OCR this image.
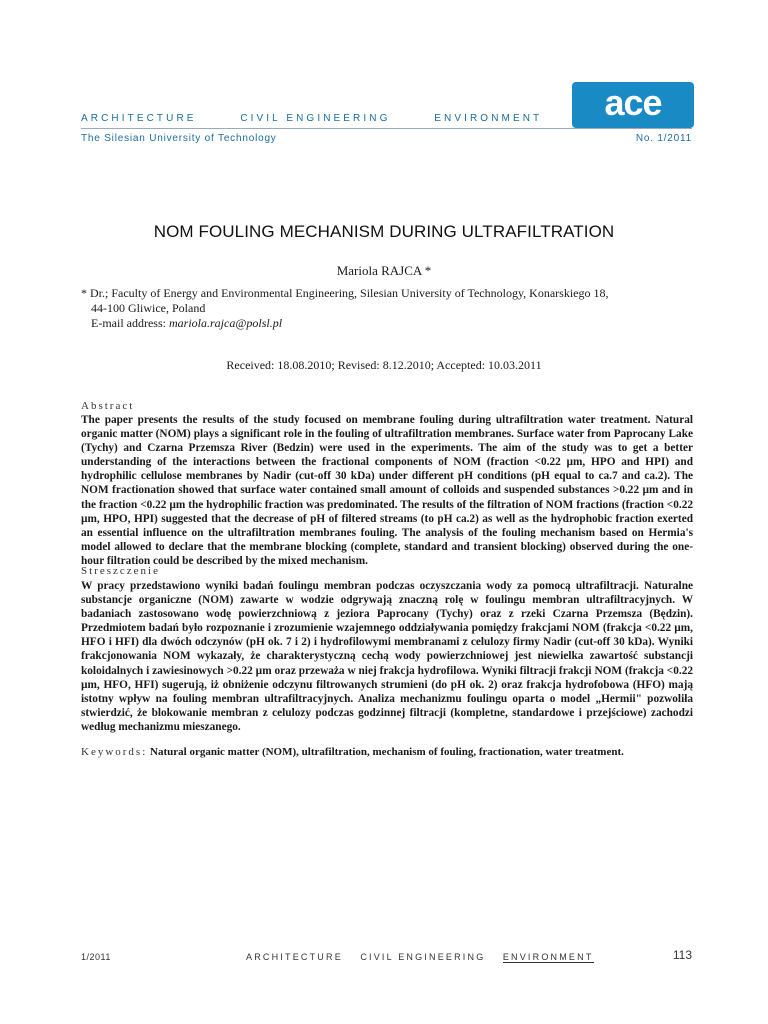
ARCHITECTURE	CIVIL ENGINEERING	ENVIRONMENT ace
The Silesian University of Technology	No. 1/2011
NOM FOULING MECHANISM DURING ULTRAFILTRATION
Mariola RAJCA *
* Dr.; Faculty of Energy and Environmental Engineering, Silesian University of Technology, Konarskiego 18,
44-100 Gliwice, Poland
E-mail address: mariola.rajca@polsl.pl
Received: 18.08.2010; Revised: 8.12.2010; Accepted: 10.03.2011
Abstract
The paper presents the results of the study focused on membrane fouling during ultrafiltration water treatment. Natural organic matter (NOM) plays a significant role in the fouling of ultrafiltration membranes. Surface water from Paprocany Lake (Tychy) and Czarna Przemsza River (Bedzin) were used in the experiments. The aim of the study was to get a better understanding of the interactions between the fractional components of NOM (fraction <0.22 µm, HPO and HPI) and hydrophilic cellulose membranes by Nadir (cut-off 30 kDa) under different pH conditions (pH equal to ca.7 and ca.2). The NOM fractionation showed that surface water contained small amount of colloids and suspended substances >0.22 µm and in the fraction <0.22 µm the hydrophilic fraction was predominated. The results of the filtration of NOM fractions (fraction <0.22 µm, HPO, HPI) suggested that the decrease of pH of filtered streams (to pH ca.2) as well as the hydrophobic fraction exerted an essential influence on the ultrafiltration membranes fouling. The analysis of the fouling mechanism based on Hermia's model allowed to declare that the membrane blocking (complete, standard and transient blocking) observed during the one-hour filtration could be described by the mixed mechanism.
Streszczenie
W pracy przedstawiono wyniki badań foulingu membran podczas oczyszczania wody za pomocą ultrafiltracji. Naturalne substancje organiczne (NOM) zawarte w wodzie odgrywają znaczną rolę w foulingu membran ultrafiltracyjnych. W badaniach zastosowano wodę powierzchniową z jeziora Paprocany (Tychy) oraz z rzeki Czarna Przemsza (Będzin). Przedmiotem badań było rozpoznanie i zrozumienie wzajemnego oddziaływania pomiędzy frakcjami NOM (frakcja <0.22 µm, HFO i HFI) dla dwóch odczynów (pH ok. 7 i 2) i hydrofilowymi membranami z celulozy firmy Nadir (cut-off 30 kDa). Wyniki frakcjonowania NOM wykazały, że charakterystyczną cechą wody powierzchniowej jest niewielka zawartość substancji koloidalnych i zawiesinowych >0.22 µm oraz przeważa w niej frakcja hydrofilowa. Wyniki filtracji frakcji NOM (frakcja <0.22 µm, HFO, HFI) sugerują, iż obniżenie odczynu filtrowanych strumieni (do pH ok. 2) oraz frakcja hydrofobowa (HFO) mają istotny wpływ na fouling membran ultrafiltracyjnych. Analiza mechanizmu foulingu oparta o model „Hermii" pozwoliła stwierdzić, że blokowanie membran z celulozy podczas godzinnej filtracji (kompletne, standardowe i przejściowe) zachodzi według mechanizmu mieszanego.
Keywords: Natural organic matter (NOM), ultrafiltration, mechanism of fouling, fractionation, water treatment.
1/2011	ARCHITECTURE CIVIL ENGINEERING ENVIRONMENT	113
